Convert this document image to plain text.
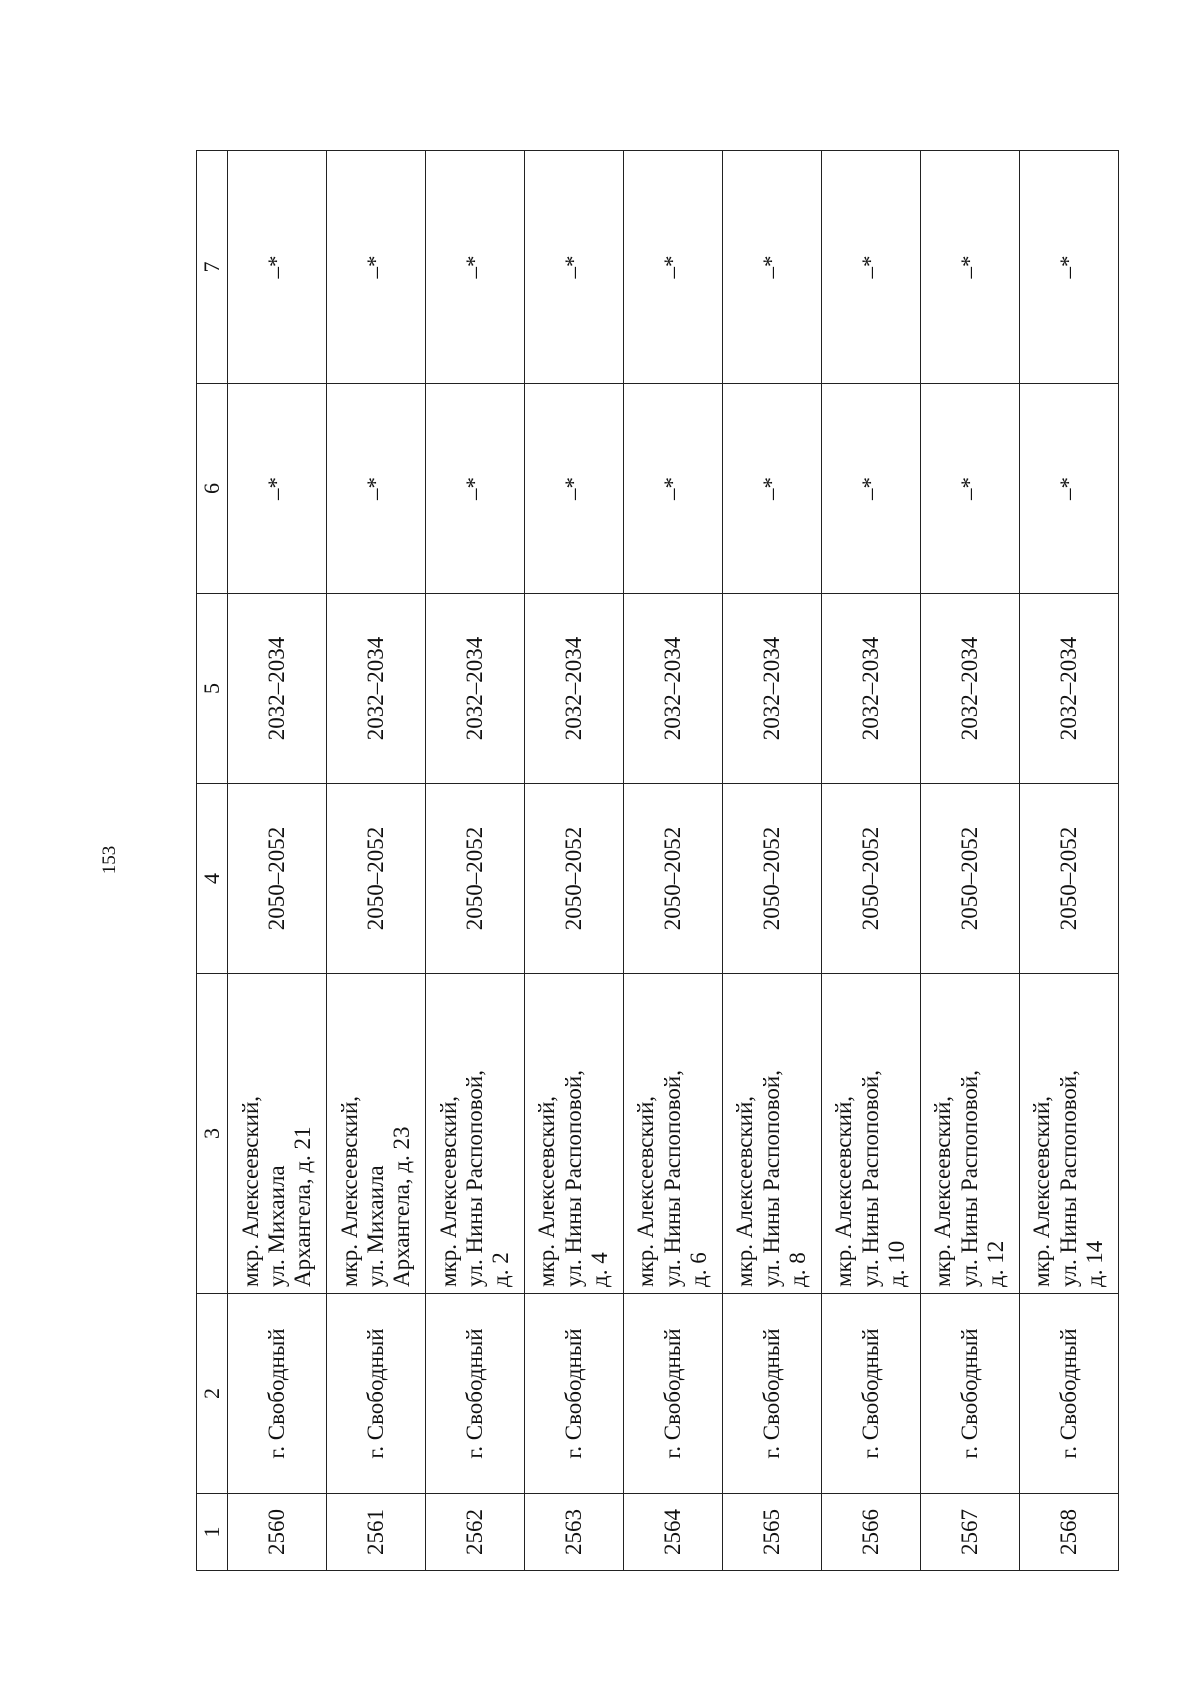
153
1	2	3	4	5	6	7
2560	г. Свободный	мкр. Алексеевский, ул. Михаила Архангела, д. 21	2050–2052	2032–2034	–*	–*
2561	г. Свободный	мкр. Алексеевский, ул. Михаила Архангела, д. 23	2050–2052	2032–2034	–*	–*
2562	г. Свободный	мкр. Алексеевский, ул. Нины Распоповой, д. 2	2050–2052	2032–2034	–*	–*
2563	г. Свободный	мкр. Алексеевский, ул. Нины Распоповой, д. 4	2050–2052	2032–2034	–*	–*
2564	г. Свободный	мкр. Алексеевский, ул. Нины Распоповой, д. 6	2050–2052	2032–2034	–*	–*
2565	г. Свободный	мкр. Алексеевский, ул. Нины Распоповой, д. 8	2050–2052	2032–2034	–*	–*
2566	г. Свободный	мкр. Алексеевский, ул. Нины Распоповой, д. 10	2050–2052	2032–2034	–*	–*
2567	г. Свободный	мкр. Алексеевский, ул. Нины Распоповой, д. 12	2050–2052	2032–2034	–*	–*
2568	г. Свободный	мкр. Алексеевский, ул. Нины Распоповой, д. 14	2050–2052	2032–2034	–*	–*
